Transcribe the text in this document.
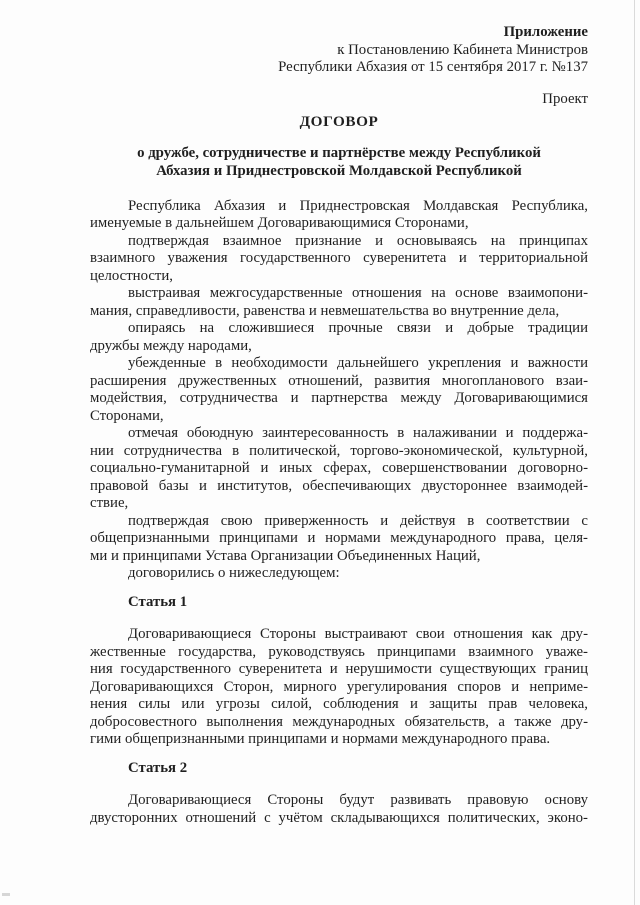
Приложение
к Постановлению Кабинета Министров
Республики Абхазия от 15 сентября 2017 г. №137
Проект
ДОГОВОР
о дружбе, сотрудничестве и партнёрстве между Республикой
Абхазия и Приднестровской Молдавской Республикой
Республика Абхазия и Приднестровская Молдавская Республика,
именуемые в дальнейшем Договаривающимися Сторонами,
подтверждая взаимное признание и основываясь на принципах
взаимного уважения государственного суверенитета и территориальной
целостности,
выстраивая межгосударственные отношения на основе взаимопони-
мания, справедливости, равенства и невмешательства во внутренние дела,
опираясь на сложившиеся прочные связи и добрые традиции
дружбы между народами,
убежденные в необходимости дальнейшего укрепления и важности
расширения дружественных отношений, развития многопланового взаи-
модействия, сотрудничества и партнерства между Договаривающимися
Сторонами,
отмечая обоюдную заинтересованность в налаживании и поддержа-
нии сотрудничества в политической, торгово-экономической, культурной,
социально-гуманитарной и иных сферах, совершенствовании договорно-
правовой базы и институтов, обеспечивающих двустороннее взаимодей-
ствие,
подтверждая свою приверженность и действуя в соответствии с
общепризнанными принципами и нормами международного права, целя-
ми и принципами Устава Организации Объединенных Наций,
договорились о нижеследующем:
Статья 1
Договаривающиеся Стороны выстраивают свои отношения как дру-
жественные государства, руководствуясь принципами взаимного уваже-
ния государственного суверенитета и нерушимости существующих границ
Договаривающихся Сторон, мирного урегулирования споров и неприме-
нения силы или угрозы силой, соблюдения и защиты прав человека,
добросовестного выполнения международных обязательств, а также дру-
гими общепризнанными принципами и нормами международного права.
Статья 2
Договаривающиеся Стороны будут развивать правовую основу
двусторонних отношений с учётом складывающихся политических, эконо-
